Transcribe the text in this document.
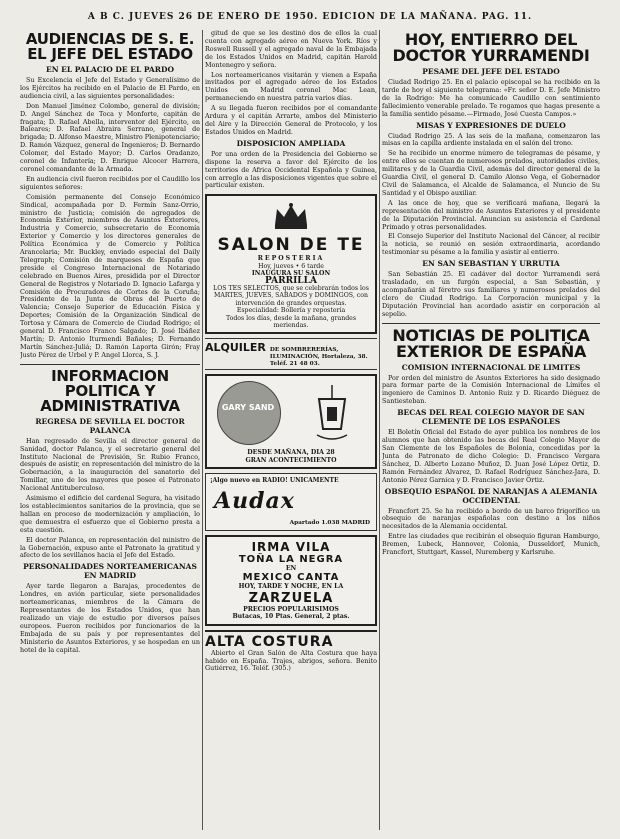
A B C. JUEVES 26 DE ENERO DE 1950. EDICION DE LA MAÑANA. PAG. 11.
AUDIENCIAS DE S. E. EL JEFE DEL ESTADO
EN EL PALACIO DE EL PARDO

Su Excelencia el Jefe del Estado y Generalísimo de los Ejércitos ha recibido en el Palacio de El Pardo, en audiencia civil, a las siguientes personalidades:

Don Manuel Jiménez Colombo, general de división; D. Angel Sánchez de Toca y Monforte, capitán de fragata; D. Rafael Abella, interventor del Ejército, en Baleares; D. Rafael Abraira Serrano, general de brigada; D. Alfonso Maestre, Ministro Plenipotenciario; D. Ramón Vázquez, general de Ingenieros; D. Bernardo Colomer, del Estado Mayor; D. Carlos Oradanzo, coronel de Infantería; D. Enrique Alcocer Harrera, coronel comandante de la Armada.

En audiencia civil fueron recibidos por el Caudillo los siguientes señores:

Comisión permanente del Consejo Económico Sindical, acompañada por D. Fermín Sanz-Orrio, ministro de Justicia; comisión de agregados de Economía Exterior, miembros de Asuntos Exteriores, Industria y Comercio, subsecretario de Economía Exterior y Comercio y los directores generales de Política Económica y de Comercio y Política Arancelaria; Mr. Buckley, enviado especial del Daily Telegraph; Comisión de marqueses de España que preside el Congreso Internacional de Notariado celebrado en Buenos Aires, presidida por el Director General de Registros y Notariado D. Ignacio Lafarga y Comisión de Procuradores de Cortes de la Coruña; Presidente de la Junta de Obras del Puerto de Valencia; Consejo Superior de Educación Física y Deportes; Comisión de la Organización Sindical de Tortosa y Cámara de Comercio de Ciudad Rodrigo; el general D. Francisco Franco Salgado; D. José Ibáñez Martín; D. Antonio Iturmendi Bañales; D. Fernando Martín Sánchez-Juliá; D. Ramón Laporta Girón; Fray Justo Pérez de Urbel y P. Angel Llorca, S. J.

INFORMACION POLITICA Y ADMINISTRATIVA
REGRESA DE SEVILLA EL DOCTOR PALANCA

Han regresado de Sevilla el director general de Sanidad, doctor Palanca, y el secretario general del Instituto Nacional de Previsión, Sr. Rubio Franco, después de asistir, en representación del ministro de la Gobernación, a la inauguración del sanatorio del Tomillar, uno de los mayores que posee el Patronato Nacional Antituberculoso.

Asimismo el edificio del cardenal Segura, ha visitado los establecimientos sanitarios de la provincia, que se hallan en proceso de modernización y ampliación, lo que demuestra el esfuerzo que el Gobierno presta a esta cuestión.

El doctor Palanca, en representación del ministro de la Gobernación, expuso ante el Patronato la gratitud y afecto de los sevillanos hacia el Jefe del Estado.

PERSONALIDADES NORTEAMERICANAS EN MADRID

Ayer tarde llegaron a Barajas, procedentes de Londres, en avión particular, siete personalidades norteamericanas, miembros de la Cámara de Representantes de los Estados Unidos, que han realizado un viaje de estudio por diversos países europeos. Fueron recibidos por funcionarios de la Embajada de su país y por representantes del Ministerio de Asuntos Exteriores, y se hospedan en un hotel de la capital.

gitud de que se les destinó dos de ellos la cual cuenta con agregado aéreo en Nueva York. Ríos y Roswell Russell y el agregado naval de la Embajada de los Estados Unidos en Madrid, capitán Harold Montenegro y señora.

Los norteamericanos visitarán y vienen a España invitados por el agregado aéreo de los Estados Unidos en Madrid coronel Mac Lean, permaneciendo en nuestra patria varios días.

A su llegada fueron recibidos por el comandante Ardura y el capitán Arrarte, ambos del Ministerio del Aire y la Dirección General de Protocolo, y los Estados Unidos en Madrid.

DISPOSICION AMPLIADA

Por una orden de la Presidencia del Gobierno se dispone la reserva a favor del Ejército de los territorios de Africa Occidental Española y Guinea, con arreglo a las disposiciones vigentes que sobre el particular existen.

SALON DE TE
REPOSTERIA
Hoy, jueves • 6 tarde
INAUGURA SU SALON
PARRILLA
LOS TES SELECTOS, que se celebrarán todos los MARTES, JUEVES, SABADOS y DOMINGOS, con intervención de grandes orquestas.
Especialidad: Bollería y repostería
Todos los días, desde la mañana, grandes meriendas.
ALQUILER DE SOMBRERERÍAS, ILUMINACIÓN, Hortaleza, 38. Teléf. 21 48 03.
GARY SAND
DESDE MAÑANA, DIA 28
GRAN ACONTECIMIENTO
¡Algo nuevo en RADIO! UNICAMENTE
Audax
Apartado 1.038 MADRID
IRMA VILA
TOÑA LA NEGRA
EN
MEXICO CANTA
HOY, TARDE Y NOCHE, EN LA
ZARZUELA
PRECIOS POPULARISIMOS
Butacas, 10 Ptas. General, 2 ptas.
ALTA COSTURA

Abierto el Gran Salón de Alta Costura que haya habido en España. Trajes, abrigos, señora. Benito Gutiérrez, 16. Teléf. (305.)

HOY, ENTIERRO DEL DOCTOR YURRAMENDI
PESAME DEL JEFE DEL ESTADO

Ciudad Rodrigo 25. En el palacio episcopal se ha recibido en la tarde de hoy el siguiente telegrama: «Fr. señor D. E. Jefe Ministro de la Rodrigo: Me ha comunicado Caudillo con sentimiento fallecimiento venerable prelado. Te rogamos que hagas presente a la familia sentido pésame.—Firmado, José Cuesta Campos.»

MISAS Y EXPRESIONES DE DUELO

Ciudad Rodrigo 25. A las seis de la mañana, comenzaron las misas en la capilla ardiente instalada en el salón del trono.

Se ha recibido un enorme número de telegramas de pésame, y entre ellos se cuentan de numerosos prelados, autoridades civiles, militares y de la Guardia Civil, además del director general de la Guardia Civil, el general D. Camilo Alonso Vega, el Gobernador Civil de Salamanca, el Alcalde de Salamanca, el Nuncio de Su Santidad y el Obispo auxiliar.

A las once de hoy, que se verificará mañana, llegará la representación del ministro de Asuntos Exteriores y el presidente de la Diputación Provincial. Anuncian su asistencia el Cardenal Primado y otras personalidades.

El Consejo Superior del Instituto Nacional del Cáncer, al recibir la noticia, se reunió en sesión extraordinaria, acordando testimoniar su pésame a la familia y asistir al entierro.

EN SAN SEBASTIAN Y URRUTIA

San Sebastián 25. El cadáver del doctor Yurramendi será trasladado, en un furgón especial, a San Sebastián, y acompañarán al féretro sus familiares y numerosos prelados del clero de Ciudad Rodrigo. La Corporación municipal y la Diputación Provincial han acordado asistir en corporación al sepelio.

NOTICIAS DE POLITICA EXTERIOR DE ESPAÑA
COMISION INTERNACIONAL DE LIMITES

Por orden del ministro de Asuntos Exteriores ha sido designado para formar parte de la Comisión Internacional de Límites el ingeniero de Caminos D. Antonio Ruiz y D. Ricardo Diéguez de Santiesteban.

BECAS DEL REAL COLEGIO MAYOR DE SAN CLEMENTE DE LOS ESPAÑOLES

El Boletín Oficial del Estado de ayer publica los nombres de los alumnos que han obtenido las becas del Real Colegio Mayor de San Clemente de los Españoles de Bolonia, concedidas por la Junta de Patronato de dicho Colegio: D. Francisco Vergara Sánchez, D. Alberto Lozano Muñoz, D. Juan José López Ortiz, D. Ramón Fernández Alvarez, D. Rafael Rodríguez Sánchez-Jara, D. Antonio Pérez Garnica y D. Francisco Javier Ortiz.

OBSEQUIO ESPAÑOL DE NARANJAS A ALEMANIA OCCIDENTAL

Francfort 25. Se ha recibido a bordo de un barco frigorífico un obsequio de naranjas españolas con destino a los niños necesitados de la Alemania occidental.

Entre las ciudades que recibirán el obsequio figuran Hamburgo, Bremen, Lubeck, Hannover, Colonia, Dusseldorf, Munich, Francfort, Stuttgart, Kassel, Nuremberg y Karlsruhe.
